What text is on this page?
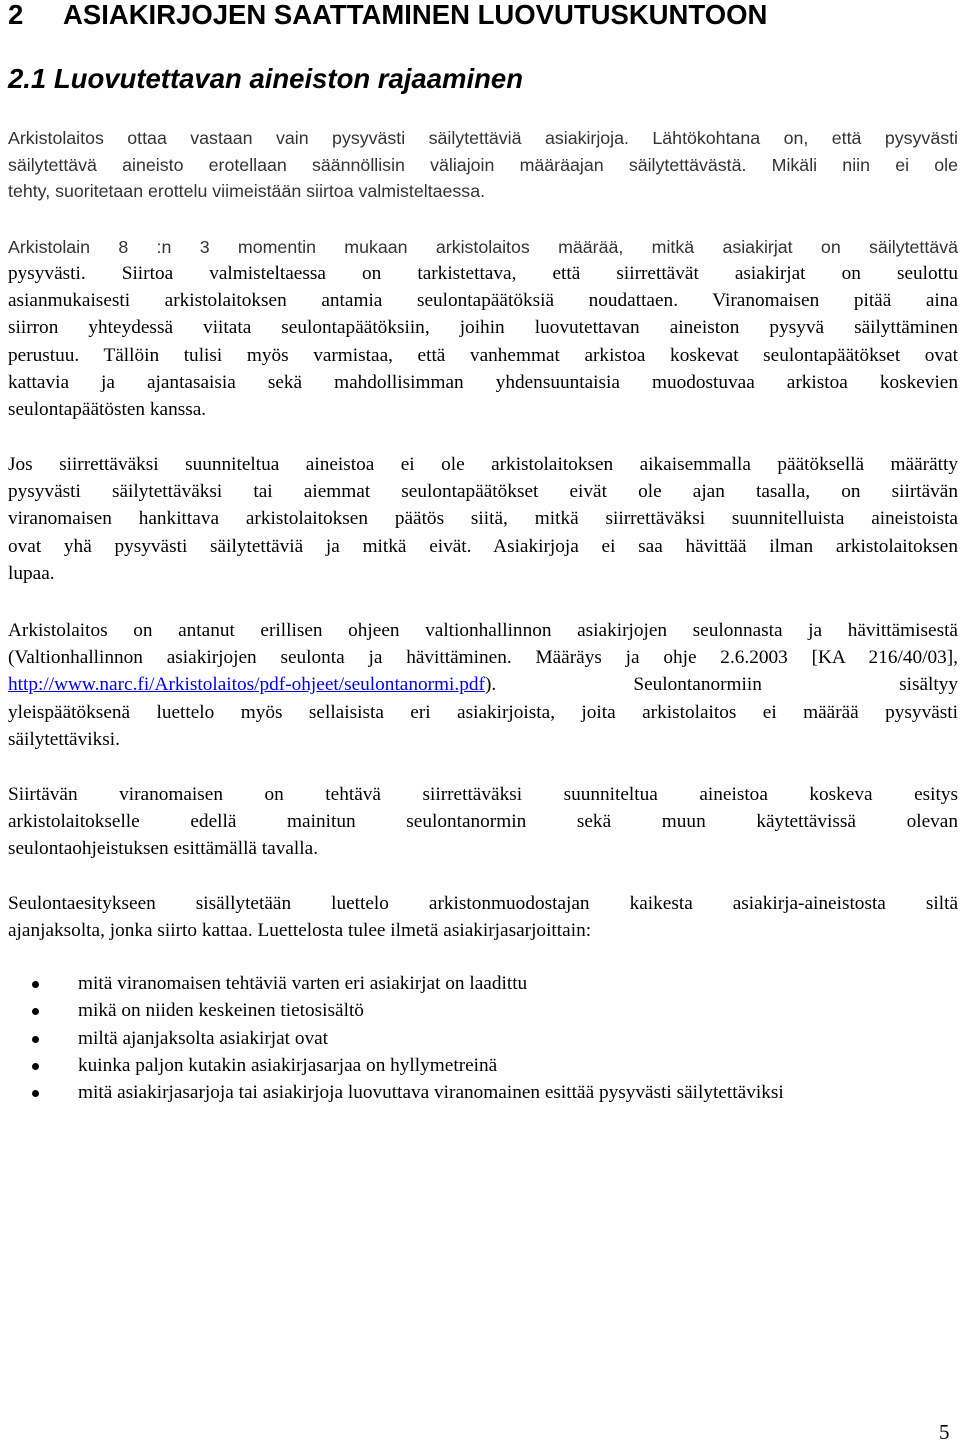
2 ASIAKIRJOJEN SAATTAMINEN LUOVUTUSKUNTOON
2.1 Luovutettavan aineiston rajaaminen

Arkistolaitos ottaa vastaan vain pysyvästi säilytettäviä asiakirjoja. Lähtökohtana on, että pysyvästi
säilytettävä aineisto erotellaan säännöllisin väliajoin määräajan säilytettävästä. Mikäli niin ei ole
tehty, suoritetaan erottelu viimeistään siirtoa valmisteltaessa.

Arkistolain 8 :n 3 momentin mukaan arkistolaitos määrää, mitkä asiakirjat on säilytettävä

pysyvästi. Siirtoa valmisteltaessa on tarkistettava, että siirrettävät asiakirjat on seulottu
asianmukaisesti arkistolaitoksen antamia seulontapäätöksiä noudattaen. Viranomaisen pitää aina
siirron yhteydessä viitata seulontapäätöksiin, joihin luovutettavan aineiston pysyvä säilyttäminen
perustuu. Tällöin tulisi myös varmistaa, että vanhemmat arkistoa koskevat seulontapäätökset ovat
kattavia ja ajantasaisia sekä mahdollisimman yhdensuuntaisia muodostuvaa arkistoa koskevien
seulontapäätösten kanssa.

Jos siirrettäväksi suunniteltua aineistoa ei ole arkistolaitoksen aikaisemmalla päätöksellä määrätty
pysyvästi säilytettäväksi tai aiemmat seulontapäätökset eivät ole ajan tasalla, on siirtävän
viranomaisen hankittava arkistolaitoksen päätös siitä, mitkä siirrettäväksi suunnitelluista aineistoista
ovat yhä pysyvästi säilytettäviä ja mitkä eivät. Asiakirjoja ei saa hävittää ilman arkistolaitoksen
lupaa.

Arkistolaitos on antanut erillisen ohjeen valtionhallinnon asiakirjojen seulonnasta ja hävittämisestä
(Valtionhallinnon asiakirjojen seulonta ja hävittäminen. Määräys ja ohje 2.6.2003 [KA 216/40/03],
http://www.narc.fi/Arkistolaitos/pdf-ohjeet/seulontanormi.pdf). Seulontanormiin sisältyy
yleispäätöksenä luettelo myös sellaisista eri asiakirjoista, joita arkistolaitos ei määrää pysyvästi
säilytettäviksi.

Siirtävän viranomaisen on tehtävä siirrettäväksi suunniteltua aineistoa koskeva esitys
arkistolaitokselle edellä mainitun seulontanormin sekä muun käytettävissä olevan
seulontaohjeistuksen esittämällä tavalla.

Seulontaesitykseen sisällytetään luettelo arkistonmuodostajan kaikesta asiakirja-aineistosta siltä
ajanjaksolta, jonka siirto kattaa. Luettelosta tulee ilmetä asiakirjasarjoittain:

mitä viranomaisen tehtäviä varten eri asiakirjat on laadittu
mikä on niiden keskeinen tietosisältö
miltä ajanjaksolta asiakirjat ovat
kuinka paljon kutakin asiakirjasarjaa on hyllymetreinä
mitä asiakirjasarjoja tai asiakirjoja luovuttava viranomainen esittää pysyvästi säilytettäviksi
5
